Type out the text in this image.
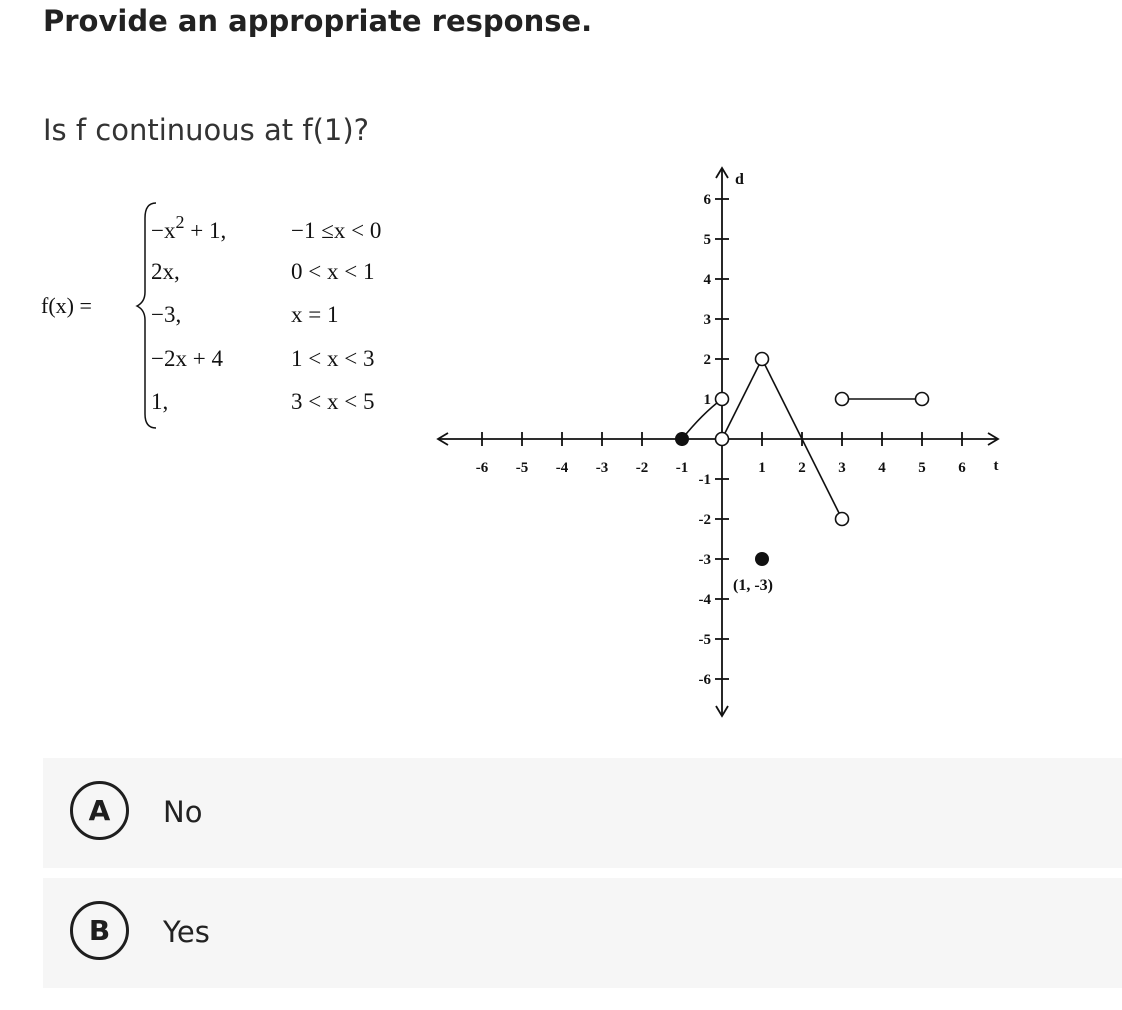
Provide an appropriate response.

Is f continuous at f(1)?

f(x) =
$-x^2 + 1$,	−1 ≤x < 0
2x,	0 < x < 1
−3,	x = 1
−2x + 4	1 < x < 3
1,	3 < x < 5
-6 -5 -4 -3 -2 -1	1 2 3 4 5 6 t
6
5
4
3
2
1
-1
-2
-3
-4
-5
-6
d
(1, -3)
A	No
B	Yes
